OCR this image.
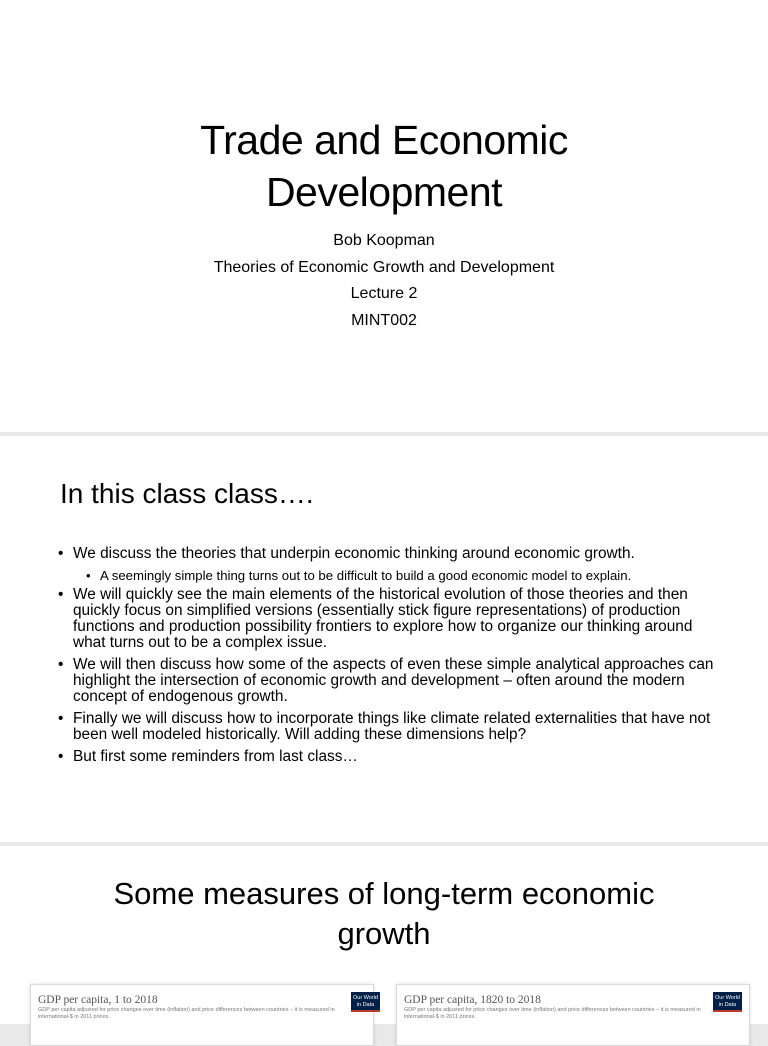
Trade and Economic
Development
Bob Koopman
Theories of Economic Growth and Development
Lecture 2
MINT002
In this class class….
• We discuss the theories that underpin economic thinking around economic growth.
• A seemingly simple thing turns out to be difficult to build a good economic model to explain.
• We will quickly see the main elements of the historical evolution of those theories and then quickly focus on simplified versions (essentially stick figure representations) of production functions and production possibility frontiers to explore how to organize our thinking around what turns out to be a complex issue.
• We will then discuss how some of the aspects of even these simple analytical approaches can highlight the intersection of economic growth and development – often around the modern concept of endogenous growth.
• Finally we will discuss how to incorporate things like climate related externalities that have not been well modeled historically. Will adding these dimensions help?
• But first some reminders from last class…
Some measures of long-term economic
growth
GDP per capita, 1 to 2018
GDP per capita adjusted for price changes over time (inflation) and price differences between countries – it is measured in international-$ in 2011 prices.
Our World
in Data	GDP per capita, 1820 to 2018
GDP per capita adjusted for price changes over time (inflation) and price differences between countries – it is measured in international-$ in 2011 prices.
Our World
in Data
